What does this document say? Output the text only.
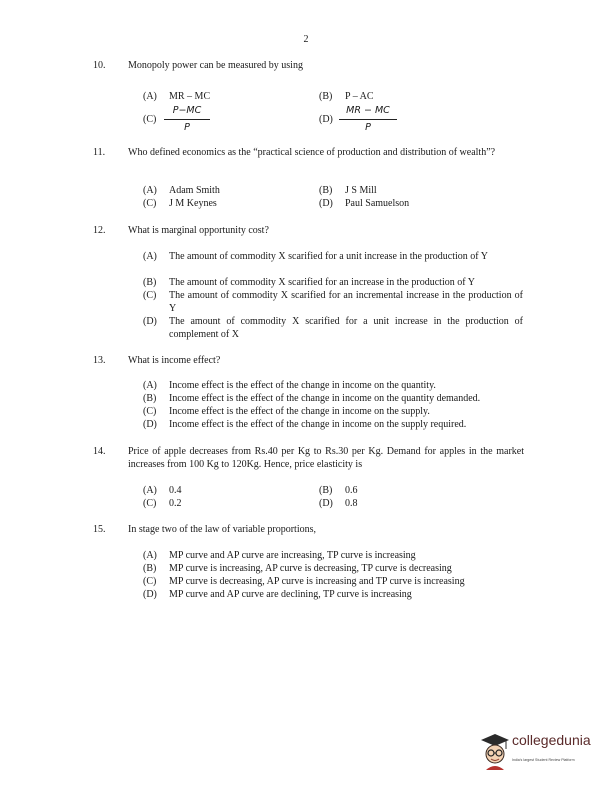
2
10.	Monopoly power can be measured by using
(A) MR – MC	(B) P – AC
$(C) \frac{P-MC}{P}$	$(D) \frac{MR - MC}{P}$
11.	Who defined economics as the “practical science of production and distribution of wealth”?
(A) Adam Smith	(B) J S Mill
(C) J M Keynes	(D) Paul Samuelson
12.	What is marginal opportunity cost?
(A) The amount of commodity X scarified for a unit increase in the production of Y
(B) The amount of commodity X scarified for an increase in the production of Y
(C) The amount of commodity X scarified for an incremental increase in the production of Y
(D) The amount of commodity X scarified for a unit increase in the production of complement of X
13.	What is income effect?
(A) Income effect is the effect of the change in income on the quantity.
(B) Income effect is the effect of the change in income on the quantity demanded.
(C) Income effect is the effect of the change in income on the supply.
(D) Income effect is the effect of the change in income on the supply required.
14.	Price of apple decreases from Rs.40 per Kg to Rs.30 per Kg. Demand for apples in the market increases from 100 Kg to 120Kg. Hence, price elasticity is
(A) 0.4	(B) 0.6
(C) 0.2	(D) 0.8
15.	In stage two of the law of variable proportions,
(A) MP curve and AP curve are increasing, TP curve is increasing
(B) MP curve is increasing, AP curve is decreasing, TP curve is decreasing
(C) MP curve is decreasing, AP curve is increasing and TP curve is increasing
(D) MP curve and AP curve are declining, TP curve is increasing
collegedunia
India's largest Student Review Platform
